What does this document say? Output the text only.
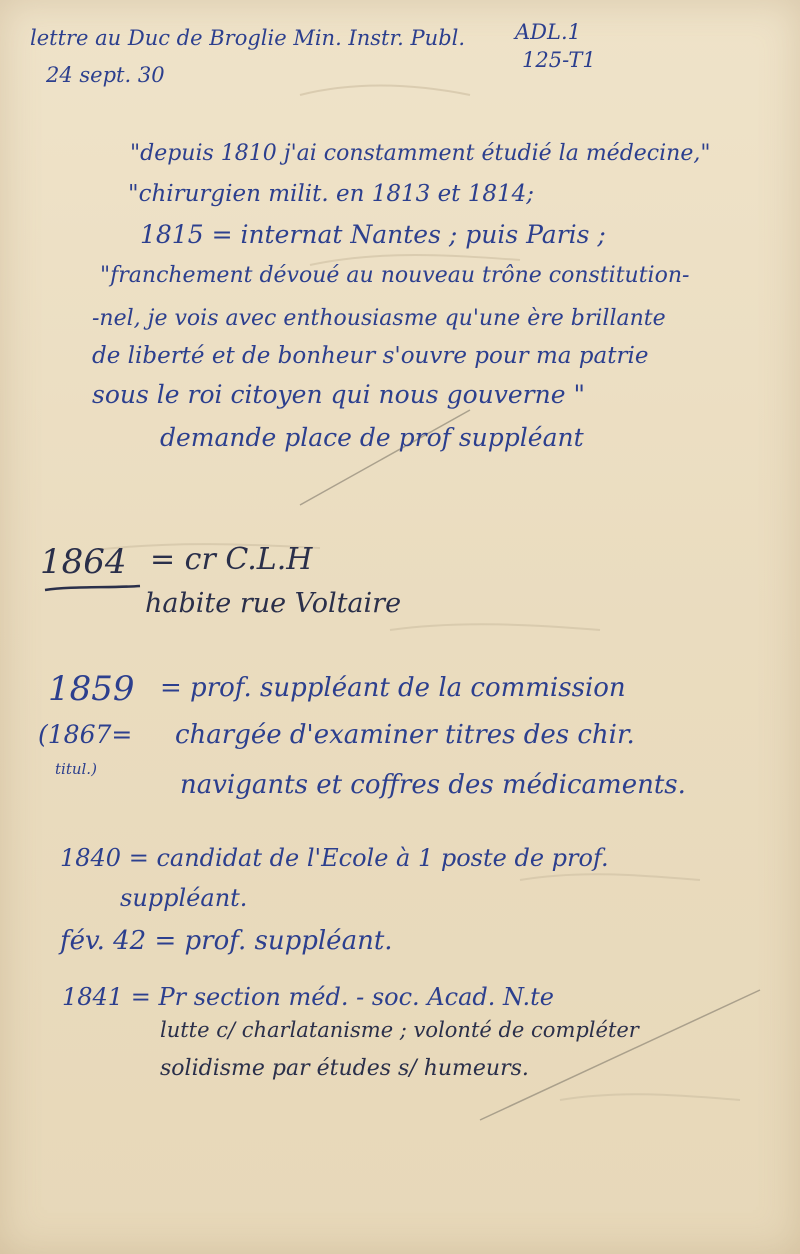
lettre au Duc de Broglie Min. Instr. Publ.

24 sept. 30

ADL.1

125-T1

"depuis 1810 j'ai constamment étudié la médecine,"

"chirurgien milit. en 1813 et 1814;

1815 = internat Nantes ; puis Paris ;

"franchement dévoué au nouveau trône constitution-

-nel, je vois avec enthousiasme qu'une ère brillante

de liberté et de bonheur s'ouvre pour ma patrie

sous le roi citoyen qui nous gouverne "

demande place de prof suppléant

1864 = cr C.L.H

habite rue Voltaire

1859 = prof. suppléant de la commission

(1867=

titul.)

chargée d'examiner titres des chir.

navigants et coffres des médicaments.

1840 = candidat de l'Ecole à 1 poste de prof.

suppléant.

fév. 42 = prof. suppléant.

1841 = Pr section méd. - soc. Acad. N.te

lutte c/ charlatanisme ; volonté de compléter

solidisme par études s/ humeurs.
